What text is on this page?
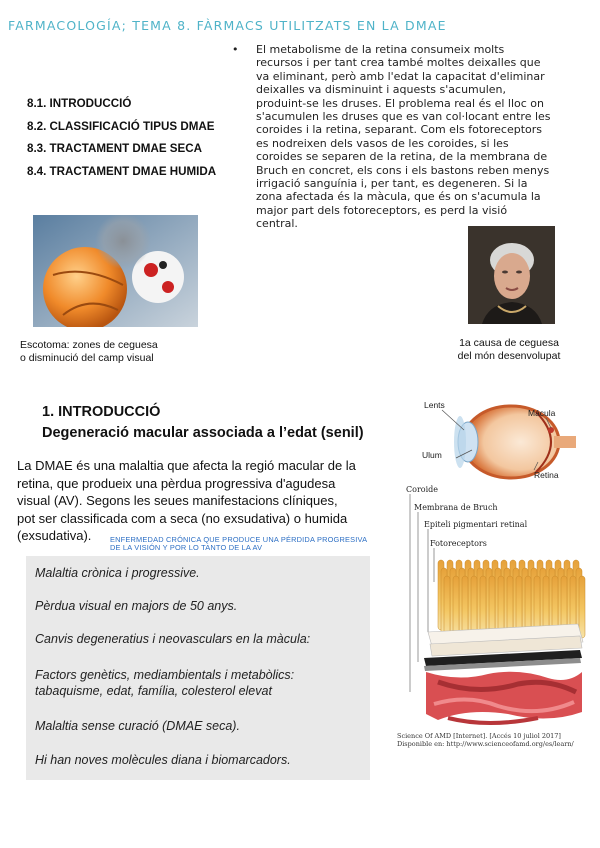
FARMACOLOGÍA; TEMA 8. FÀRMACS UTILITZATS EN LA DMAE
8.1. INTRODUCCIÓ
8.2. CLASSIFICACIÓ TIPUS DMAE
8.3. TRACTAMENT DMAE SECA
8.4. TRACTAMENT DMAE HUMIDA
• El metabolisme de la retina consumeix molts
recursos i per tant crea també moltes deixalles que
va eliminant, però amb l'edat la capacitat d'eliminar
deixalles va disminuint i aquests s'acumulen,
produint-se les druses. El problema real és el lloc on
s'acumulen les druses que es van col·locant entre les
coroides i la retina, separant. Com els fotoreceptors
es nodreixen dels vasos de les coroides, si les
coroides se separen de la retina, de la membrana de
Bruch en concret, els cons i els bastons reben menys
irrigació sanguínia i, per tant, es degeneren. Si la
zona afectada és la màcula, que és on s'acumula la
major part dels fotoreceptors, es perd la visió
central.
Escotoma: zones de ceguesa
o disminució del camp visual
1a causa de ceguesa
del món desenvolupat
1. INTRODUCCIÓ
Degeneració macular associada a l’edat (senil)
La DMAE és una malaltia que afecta la regió macular de la
retina, que produeix una pèrdua progressiva d'agudesa
visual (AV). Segons les seues manifestacions clíniques,
pot ser classificada com a seca (no exsudativa) o humida
(exsudativa).	ENFERMEDAD CRÓNICA QUE PRODUCE UNA PÉRDIDA PROGRESIVA
DE LA VISIÓN Y POR LO TANTO DE LA AV
Malaltia crònica i progressive.
Pèrdua visual en majors de 50 anys.
Canvis degeneratius i neovasculars en la màcula:
Factors genètics, mediambientals i metabòlics:
tabaquisme, edat, família, colesterol elevat
Malaltia sense curació (DMAE seca).
Hi han noves molècules diana i biomarcadors.
Lents
Mácula
Ulum
Retina
Coroide
Membrana de Bruch
Epiteli pigmentari retinal
Fotoreceptors
Science Of AMD [Internet]. [Accés 10 juliol 2017]
Disponible en: http://www.scienceofamd.org/es/learn/
